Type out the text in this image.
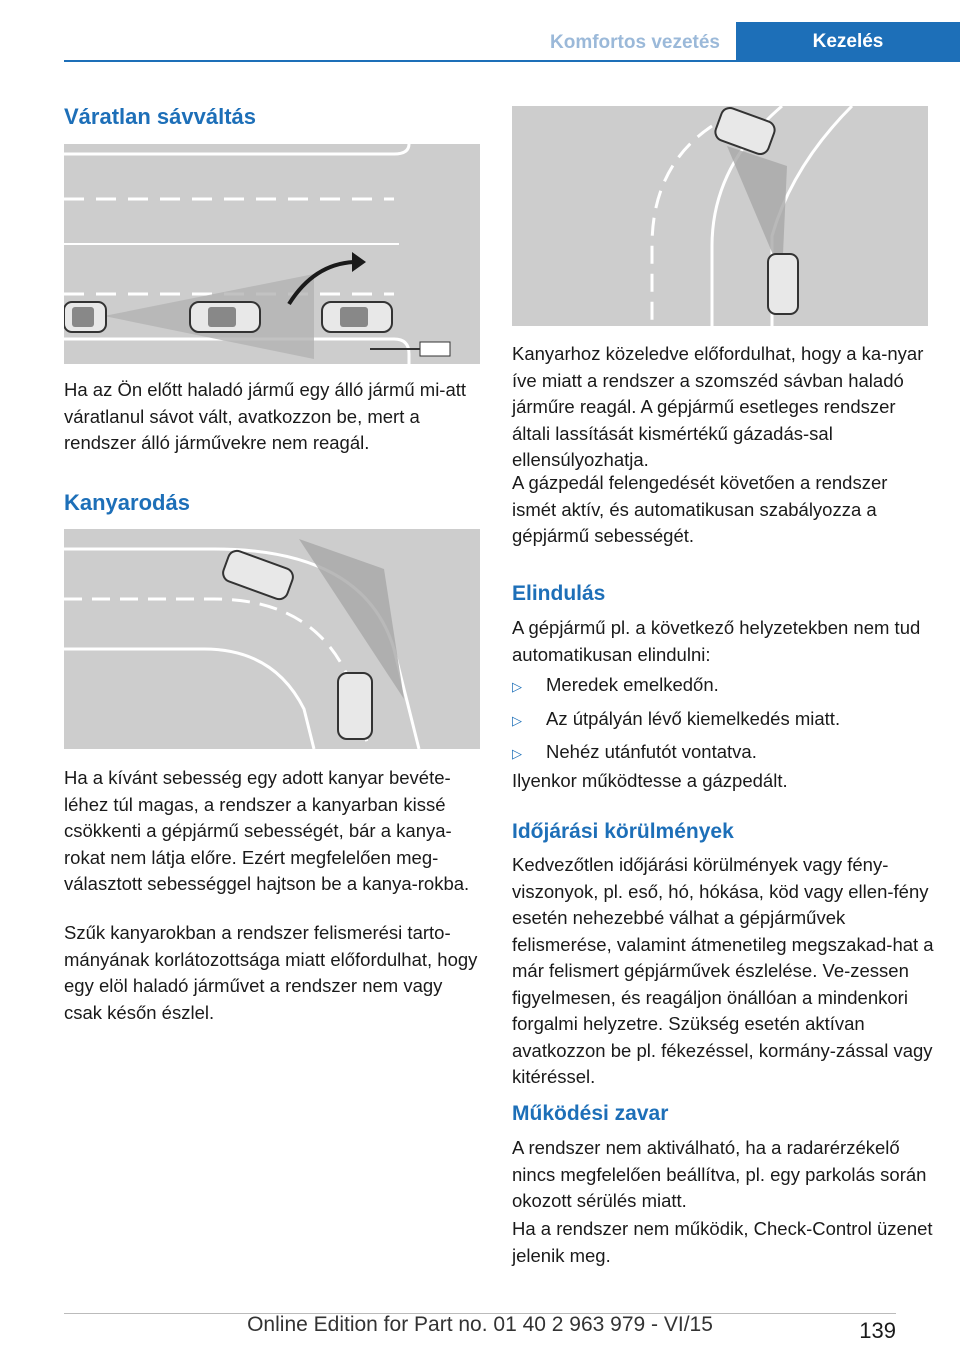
Komfortos vezetés	Kezelés
Váratlan sávváltás

Ha az Ön előtt haladó jármű egy álló jármű mi-att váratlanul sávot vált, avatkozzon be, mert a rendszer álló járművekre nem reagál.

Kanyarodás

Ha a kívánt sebesség egy adott kanyar bevéte-léhez túl magas, a rendszer a kanyarban kissé csökkenti a gépjármű sebességét, bár a kanya-rokat nem látja előre. Ezért megfelelően meg-választott sebességgel hajtson be a kanya-rokba.

Szűk kanyarokban a rendszer felismerési tarto-mányának korlátozottsága miatt előfordulhat, hogy egy elöl haladó járművet a rendszer nem vagy csak későn észlel.

Kanyarhoz közeledve előfordulhat, hogy a ka-nyar íve miatt a rendszer a szomszéd sávban haladó járműre reagál. A gépjármű esetleges rendszer általi lassítását kismértékű gázadás-sal ellensúlyozhatja.

A gázpedál felengedését követően a rendszer ismét aktív, és automatikusan szabályozza a gépjármű sebességét.

Elindulás

A gépjármű pl. a következő helyzetekben nem tud automatikusan elindulni:

▷	Meredek emelkedőn.
▷	Az útpályán lévő kiemelkedés miatt.
▷	Nehéz utánfutót vontatva.

Ilyenkor működtesse a gázpedált.

Időjárási körülmények

Kedvezőtlen időjárási körülmények vagy fény-viszonyok, pl. eső, hó, hókása, köd vagy ellen-fény esetén nehezebbé válhat a gépjárművek felismerése, valamint átmenetileg megszakad-hat a már felismert gépjárművek észlelése. Ve-zessen figyelmesen, és reagáljon önállóan a mindenkori forgalmi helyzetre. Szükség esetén aktívan avatkozzon be pl. fékezéssel, kormány-zással vagy kitéréssel.

Működési zavar

A rendszer nem aktiválható, ha a radarérzékelő nincs megfelelően beállítva, pl. egy parkolás során okozott sérülés miatt.

Ha a rendszer nem működik, Check-Control üzenet jelenik meg.

Online Edition for Part no. 01 40 2 963 979 - VI/15	139
